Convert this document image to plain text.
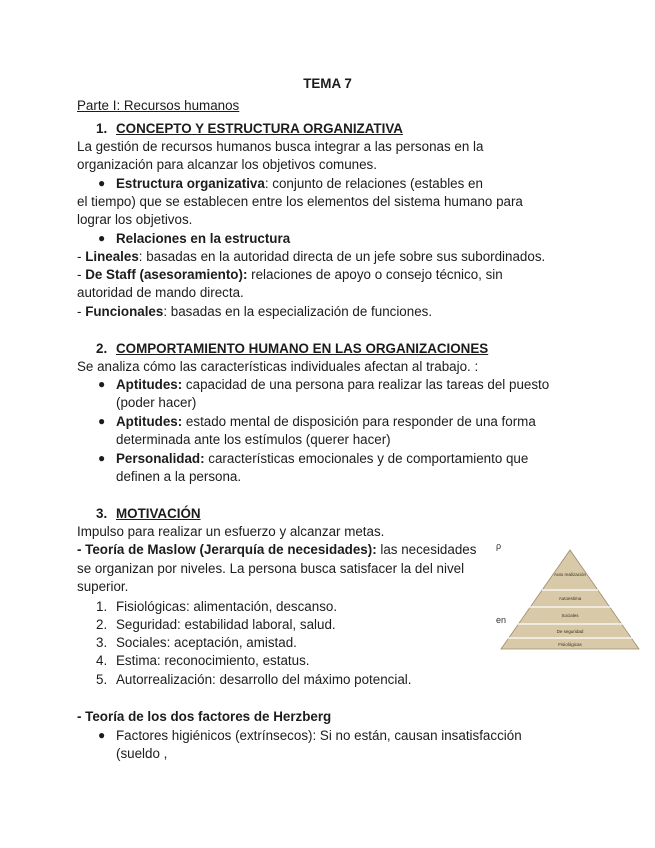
TEMA 7
Parte I: Recursos humanos
1. CONCEPTO Y ESTRUCTURA ORGANIZATIVA
La gestión de recursos humanos busca integrar a las personas en la
organización para alcanzar los objetivos comunes.
● Estructura organizativa: conjunto de relaciones (estables en
el tiempo) que se establecen entre los elementos del sistema humano para
lograr los objetivos.
● Relaciones en la estructura
- Lineales: basadas en la autoridad directa de un jefe sobre sus subordinados.
- De Staff (asesoramiento): relaciones de apoyo o consejo técnico, sin
autoridad de mando directa.
- Funcionales: basadas en la especialización de funciones.
2. COMPORTAMIENTO HUMANO EN LAS ORGANIZACIONES
Se analiza cómo las características individuales afectan al trabajo. :
● Aptitudes: capacidad de una persona para realizar las tareas del puesto
(poder hacer)
● Aptitudes: estado mental de disposición para responder de una forma
determinada ante los estímulos (querer hacer)
● Personalidad: características emocionales y de comportamiento que
definen a la persona.
3. MOTIVACIÓN
Impulso para realizar un esfuerzo y alcanzar metas.
- Teoría de Maslow (Jerarquía de necesidades): las necesidades
se organizan por niveles. La persona busca satisfacer la del nivel
superior.
1. Fisiológicas: alimentación, descanso.
2. Seguridad: estabilidad laboral, salud.
3. Sociales: aceptación, amistad.
4. Estima: reconocimiento, estatus.
5. Autorrealización: desarrollo del máximo potencial.
- Teoría de los dos factores de Herzberg
● Factores higiénicos (extrínsecos): Si no están, causan insatisfacción
(sueldo ,
ρ
en
Auto realización
Autoestima
Sociales
De seguridad
Fisiológicas
